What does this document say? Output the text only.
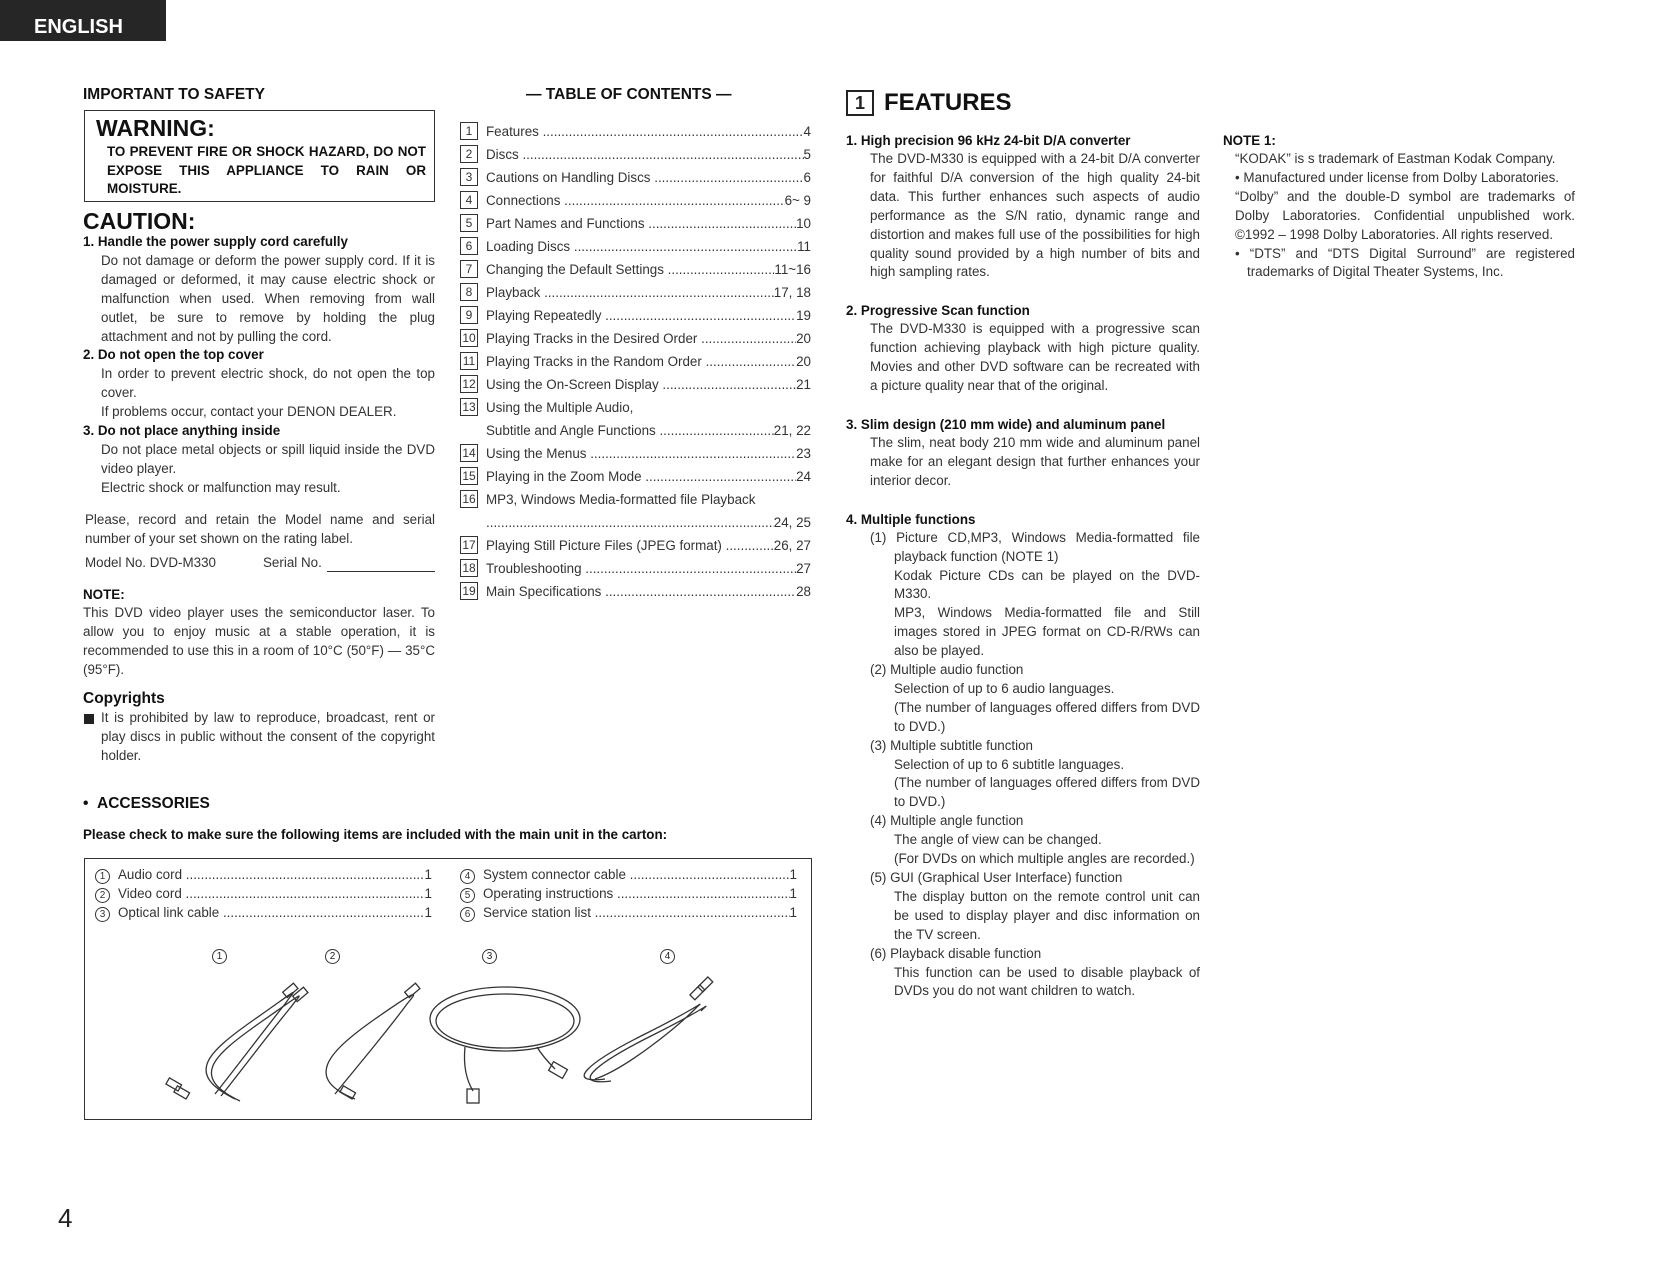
ENGLISH
IMPORTANT TO SAFETY
WARNING:
TO PREVENT FIRE OR SHOCK HAZARD, DO NOT EXPOSE THIS APPLIANCE TO RAIN OR MOISTURE.
CAUTION:
1. Handle the power supply cord carefully
Do not damage or deform the power supply cord. If it is damaged or deformed, it may cause electric shock or malfunction when used. When removing from wall outlet, be sure to remove by holding the plug attachment and not by pulling the cord.
2. Do not open the top cover
In order to prevent electric shock, do not open the top cover.
If problems occur, contact your DENON DEALER.
3. Do not place anything inside
Do not place metal objects or spill liquid inside the DVD video player.
Electric shock or malfunction may result.
Please, record and retain the Model name and serial number of your set shown on the rating label.
Model No. DVD-M330	Serial No.
NOTE:
This DVD video player uses the semiconductor laser. To allow you to enjoy music at a stable operation, it is recommended to use this in a room of 10°C (50°F) — 35°C (95°F).
Copyrights
It is prohibited by law to reproduce, broadcast, rent or play discs in public without the consent of the copyright holder.
— TABLE OF CONTENTS —
1	Features .....	4
2	Discs .....	5
3	Cautions on Handling Discs .....	6
4	Connections .....	6~ 9
5	Part Names and Functions .....	10
6	Loading Discs .....	11
7	Changing the Default Settings .....	11~16
8	Playback .....	17, 18
9	Playing Repeatedly .....	19
10 Playing Tracks in the Desired Order .....	20
11 Playing Tracks in the Random Order .....	20
12 Using the On-Screen Display .....	21
13 Using the Multiple Audio,
Subtitle and Angle Functions .....	21, 22
14 Using the Menus .....	23
15 Playing in the Zoom Mode .....	24
16 MP3, Windows Media-formatted file Playback
.....
24, 25
17 Playing Still Picture Files (JPEG format) .....	26, 27
18 Troubleshooting .....	27
19 Main Specifications .....	28
•  ACCESSORIES
Please check to make sure the following items are included with the main unit in the carton:
1 Audio cord .....	1
2 Video cord .....	1
3 Optical link cable .....	1
4 System connector cable .....	1
5 Operating instructions .....	1
6 Service station list .....	1
1	2	3	4
1 FEATURES
1. High precision 96 kHz 24-bit D/A converter
The DVD-M330 is equipped with a 24-bit D/A converter for faithful D/A conversion of the high quality 24-bit data. This further enhances such aspects of audio performance as the S/N ratio, dynamic range and distortion and makes full use of the possibilities for high quality sound provided by a high number of bits and high sampling rates.
2. Progressive Scan function
The DVD-M330 is equipped with a progressive scan function achieving playback with high picture quality. Movies and other DVD software can be recreated with a picture quality near that of the original.
3. Slim design (210 mm wide) and aluminum panel
The slim, neat body 210 mm wide and aluminum panel make for an elegant design that further enhances your interior decor.
4. Multiple functions
(1) Picture CD,MP3, Windows Media-formatted file playback function (NOTE 1)
Kodak Picture CDs can be played on the DVD-M330.
MP3, Windows Media-formatted file and Still images stored in JPEG format on CD-R/RWs can also be played.
(2) Multiple audio function
Selection of up to 6 audio languages.
(The number of languages offered differs from DVD to DVD.)
(3) Multiple subtitle function
Selection of up to 6 subtitle languages.
(The number of languages offered differs from DVD to DVD.)
(4) Multiple angle function
The angle of view can be changed.
(For DVDs on which multiple angles are recorded.)
(5) GUI (Graphical User Interface) function
The display button on the remote control unit can be used to display player and disc information on the TV screen.
(6) Playback disable function
This function can be used to disable playback of DVDs you do not want children to watch.
NOTE 1:
“KODAK” is s trademark of Eastman Kodak Company.
• Manufactured under license from Dolby Laboratories.
“Dolby” and the double-D symbol are trademarks of Dolby Laboratories. Confidential unpublished work. ©1992 – 1998 Dolby Laboratories. All rights reserved.
• “DTS” and “DTS Digital Surround” are registered trademarks of Digital Theater Systems, Inc.
4
